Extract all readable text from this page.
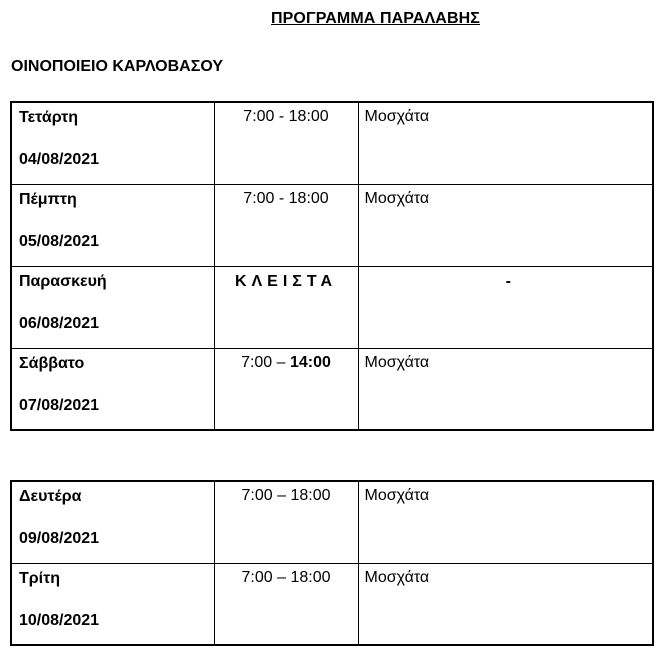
ΠΡΟΓΡΑΜΜΑ ΠΑΡΑΛΑΒΗΣ
ΟΙΝΟΠΟΙΕΙΟ ΚΑΡΛΟΒΑΣΟΥ
Τετάρτη
04/08/2021	7:00 - 18:00	Μοσχάτα

Πέμπτη
05/08/2021	7:00 - 18:00	Μοσχάτα

Παρασκευή
06/08/2021	ΚΛΕΙΣΤΑ	-

Σάββατο
07/08/2021	7:00 – 14:00	Μοσχάτα
Δευτέρα
09/08/2021	7:00 – 18:00	Μοσχάτα

Τρίτη
10/08/2021	7:00 – 18:00	Μοσχάτα
